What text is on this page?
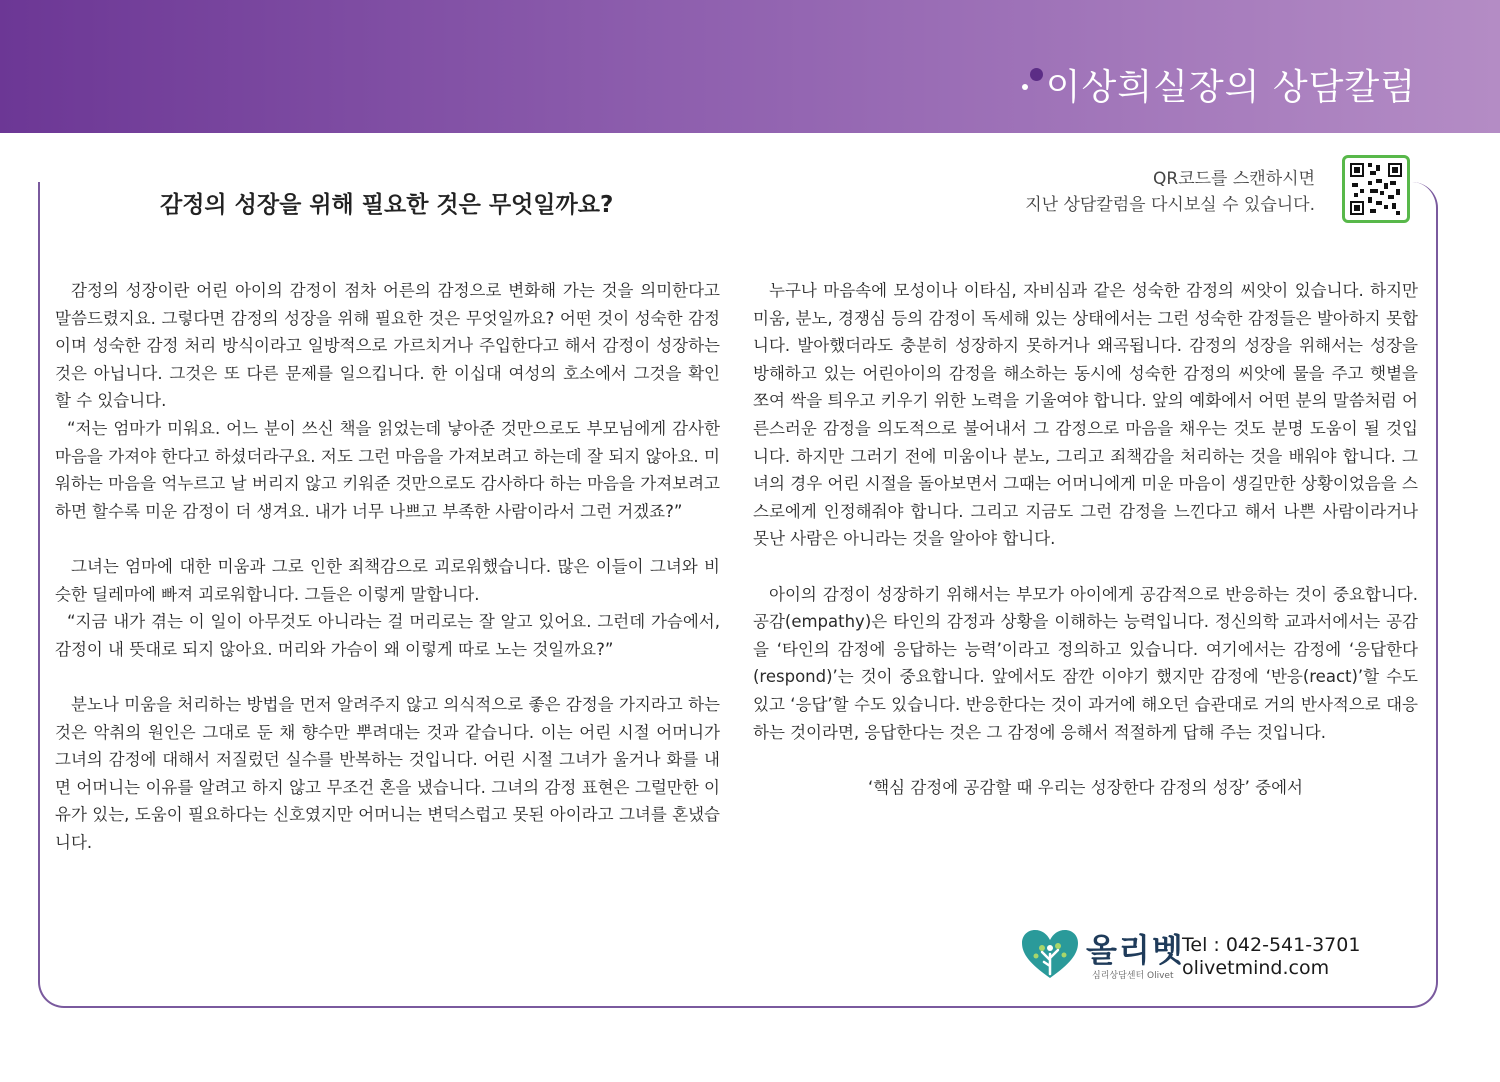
이상희실장의 상담칼럼
감정의 성장을 위해 필요한 것은 무엇일까요?
QR코드를 스캔하시면
지난 상담칼럼을 다시보실 수 있습니다.

감정의 성장이란 어린 아이의 감정이 점차 어른의 감정으로 변화해 가는 것을 의미한다고 말씀드렸지요. 그렇다면 감정의 성장을 위해 필요한 것은 무엇일까요? 어떤 것이 성숙한 감정이며 성숙한 감정 처리 방식이라고 일방적으로 가르치거나 주입한다고 해서 감정이 성장하는 것은 아닙니다. 그것은 또 다른 문제를 일으킵니다. 한 이십대 여성의 호소에서 그것을 확인 할 수 있습니다.

“저는 엄마가 미워요. 어느 분이 쓰신 책을 읽었는데 낳아준 것만으로도 부모님에게 감사한 마음을 가져야 한다고 하셨더라구요. 저도 그런 마음을 가져보려고 하는데 잘 되지 않아요. 미워하는 마음을 억누르고 날 버리지 않고 키워준 것만으로도 감사하다 하는 마음을 가져보려고 하면 할수록 미운 감정이 더 생겨요. 내가 너무 나쁘고 부족한 사람이라서 그런 거겠죠?”

그녀는 엄마에 대한 미움과 그로 인한 죄책감으로 괴로워했습니다. 많은 이들이 그녀와 비슷한 딜레마에 빠져 괴로워합니다. 그들은 이렇게 말합니다.

“지금 내가 겪는 이 일이 아무것도 아니라는 걸 머리로는 잘 알고 있어요. 그런데 가슴에서, 감정이 내 뜻대로 되지 않아요. 머리와 가슴이 왜 이렇게 따로 노는 것일까요?”

분노나 미움을 처리하는 방법을 먼저 알려주지 않고 의식적으로 좋은 감정을 가지라고 하는 것은 악취의 원인은 그대로 둔 채 향수만 뿌려대는 것과 같습니다. 이는 어린 시절 어머니가 그녀의 감정에 대해서 저질렀던 실수를 반복하는 것입니다. 어린 시절 그녀가 울거나 화를 내면 어머니는 이유를 알려고 하지 않고 무조건 혼을 냈습니다. 그녀의 감정 표현은 그럴만한 이유가 있는, 도움이 필요하다는 신호였지만 어머니는 변덕스럽고 못된 아이라고 그녀를 혼냈습니다.

누구나 마음속에 모성이나 이타심, 자비심과 같은 성숙한 감정의 씨앗이 있습니다. 하지만 미움, 분노, 경쟁심 등의 감정이 독세해 있는 상태에서는 그런 성숙한 감정들은 발아하지 못합니다. 발아했더라도 충분히 성장하지 못하거나 왜곡됩니다. 감정의 성장을 위해서는 성장을 방해하고 있는 어린아이의 감정을 해소하는 동시에 성숙한 감정의 씨앗에 물을 주고 햇볕을 쪼여 싹을 틔우고 키우기 위한 노력을 기울여야 합니다. 앞의 예화에서 어떤 분의 말씀처럼 어른스러운 감정을 의도적으로 불어내서 그 감정으로 마음을 채우는 것도 분명 도움이 될 것입니다. 하지만 그러기 전에 미움이나 분노, 그리고 죄책감을 처리하는 것을 배워야 합니다. 그녀의 경우 어린 시절을 돌아보면서 그때는 어머니에게 미운 마음이 생길만한 상황이었음을 스스로에게 인정해줘야 합니다. 그리고 지금도 그런 감정을 느낀다고 해서 나쁜 사람이라거나 못난 사람은 아니라는 것을 알아야 합니다.

아이의 감정이 성장하기 위해서는 부모가 아이에게 공감적으로 반응하는 것이 중요합니다. 공감(empathy)은 타인의 감정과 상황을 이해하는 능력입니다. 정신의학 교과서에서는 공감을 ‘타인의 감정에 응답하는 능력’이라고 정의하고 있습니다. 여기에서는 감정에 ‘응답한다(respond)’는 것이 중요합니다. 앞에서도 잠깐 이야기 했지만 감정에 ‘반응(react)’할 수도 있고 ‘응답’할 수도 있습니다. 반응한다는 것이 과거에 해오던 습관대로 거의 반사적으로 대응하는 것이라면, 응답한다는 것은 그 감정에 응해서 적절하게 답해 주는 것입니다.

‘핵심 감정에 공감할 때 우리는 성장한다 감정의 성장’ 중에서

올리벳
심리상담센터 Olivet
Tel : 042-541-3701
olivetmind.com
